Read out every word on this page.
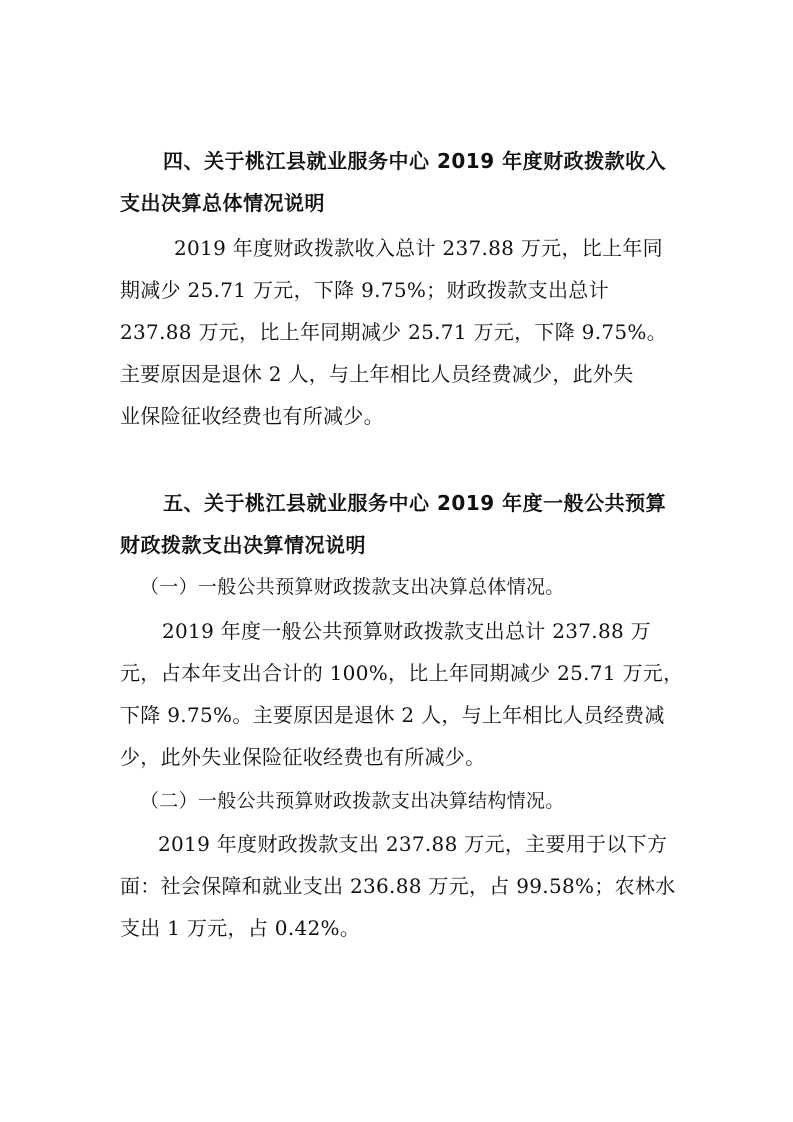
四、关于桃江县就业服务中心 2019 年度财政拨款收入
支出决算总体情况说明
2019 年度财政拨款收入总计 237.88 万元，比上年同
期减少 25.71 万元，下降 9.75%；财政拨款支出总计
237.88 万元，比上年同期减少 25.71 万元，下降 9.75%。
主要原因是退休 2 人，与上年相比人员经费减少，此外失
业保险征收经费也有所减少。
五、关于桃江县就业服务中心 2019 年度一般公共预算
财政拨款支出决算情况说明
（一）一般公共预算财政拨款支出决算总体情况。
2019 年度一般公共预算财政拨款支出总计 237.88 万
元，占本年支出合计的 100%，比上年同期减少 25.71 万元，
下降 9.75%。主要原因是退休 2 人，与上年相比人员经费减
少，此外失业保险征收经费也有所减少。
（二）一般公共预算财政拨款支出决算结构情况。
2019 年度财政拨款支出 237.88 万元，主要用于以下方
面：社会保障和就业支出 236.88 万元，占 99.58%；农林水
支出 1 万元，占 0.42%。
